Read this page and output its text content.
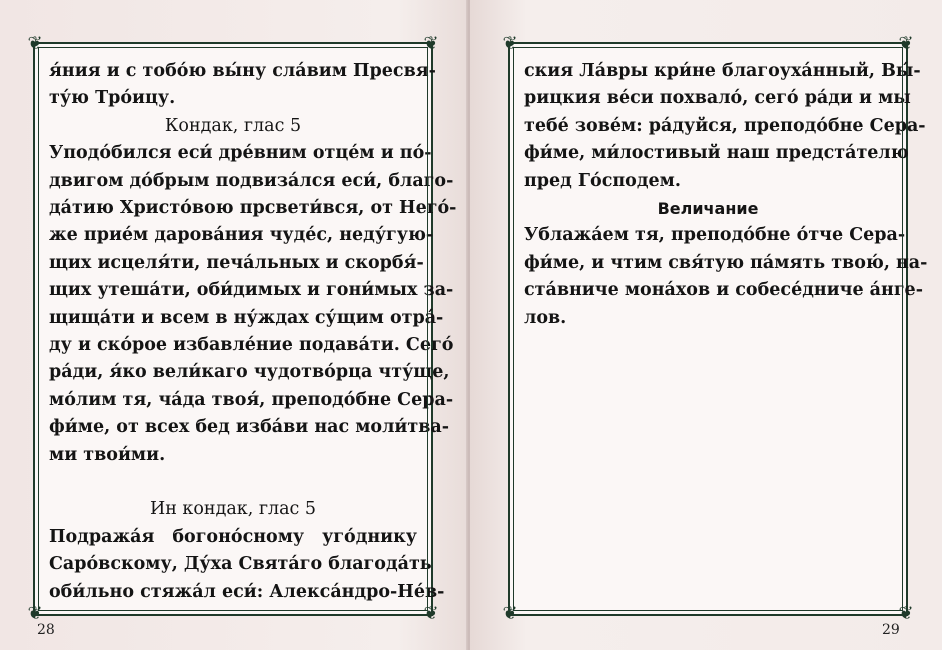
❦	❦
❦	❦
я́ния и с тобо́ю вы́ну сла́вим Пресвя-
ту́ю Тро́ицу.
Кондак, глас 5
Уподо́бился еси́ дре́вним отце́м и по́-
двигом до́брым подвиза́лся еси́, благо-
да́тию Христо́вою прсвети́вся, от Него́-
же прие́м дарова́ния чуде́с, неду́гую-
щих исцеля́ти, печа́льных и скорбя́-
щих утеша́ти, оби́димых и гони́мых за-
щища́ти и всем в ну́ждах су́щим отра́-
ду и ско́рое избавле́ние подава́ти. Сего́
ра́ди, я́ко вели́каго чудотво́рца чту́ще,
мо́лим тя, ча́да твоя́, преподо́бне Сера-
фи́ме, от всех бед изба́ви нас моли́тва-
ми твои́ми.
Ин кондак, глас 5
Подража́я богоно́сному уго́днику
Саро́вскому, Ду́ха Свята́го благода́ть
оби́льно стяжа́л еси́: Алекса́ндро-Не́в-
28
❦	❦
❦	❦
ския Ла́вры кри́не благоуха́нный, Вы́-
рицкия ве́си похвало́, сего́ ра́ди и мы
тебе́ зове́м: ра́дуйся, преподо́бне Сера-
фи́ме, ми́лостивый наш предста́телю
пред Го́сподем.
Величание
Ублажа́ем тя, преподо́бне о́тче Сера-
фи́ме, и чтим свя́тую па́мять твою́, на-
ста́вниче мона́хов и собесе́дниче а́нге-
лов.
29
